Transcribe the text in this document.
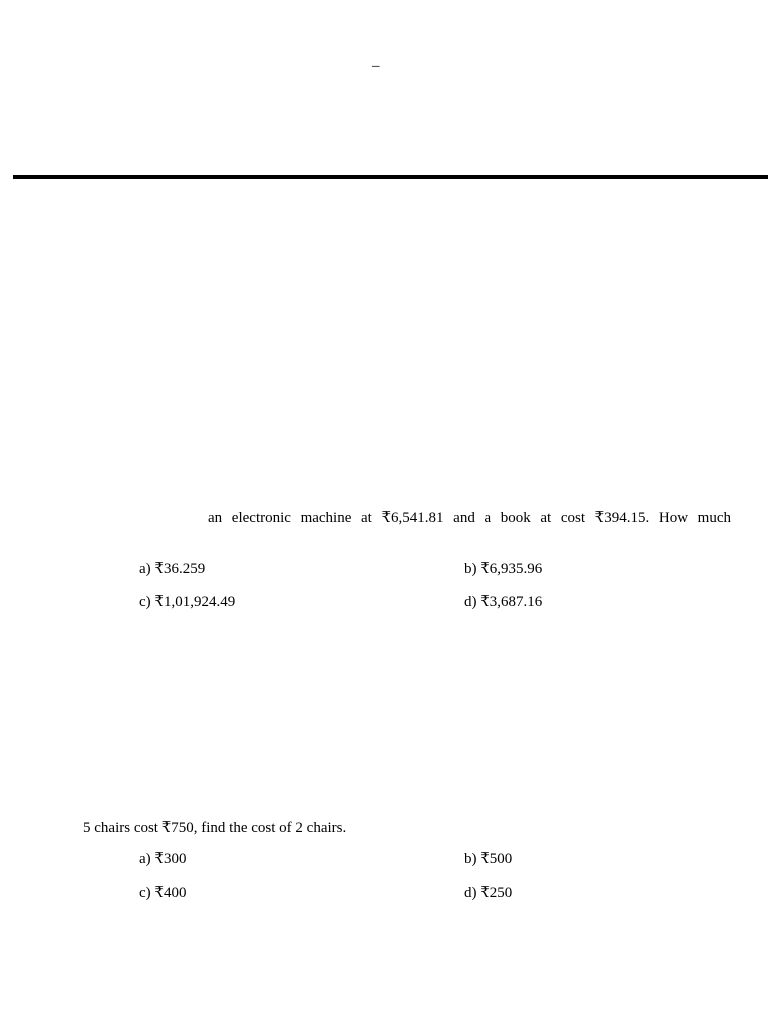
–
an electronic machine at ₹6,541.81 and a book at cost ₹394.15. How much
a) ₹36.259	b) ₹6,935.96
c) ₹1,01,924.49	d) ₹3,687.16
5 chairs cost ₹750, find the cost of 2 chairs.
a) ₹300	b) ₹500
c) ₹400	d) ₹250
